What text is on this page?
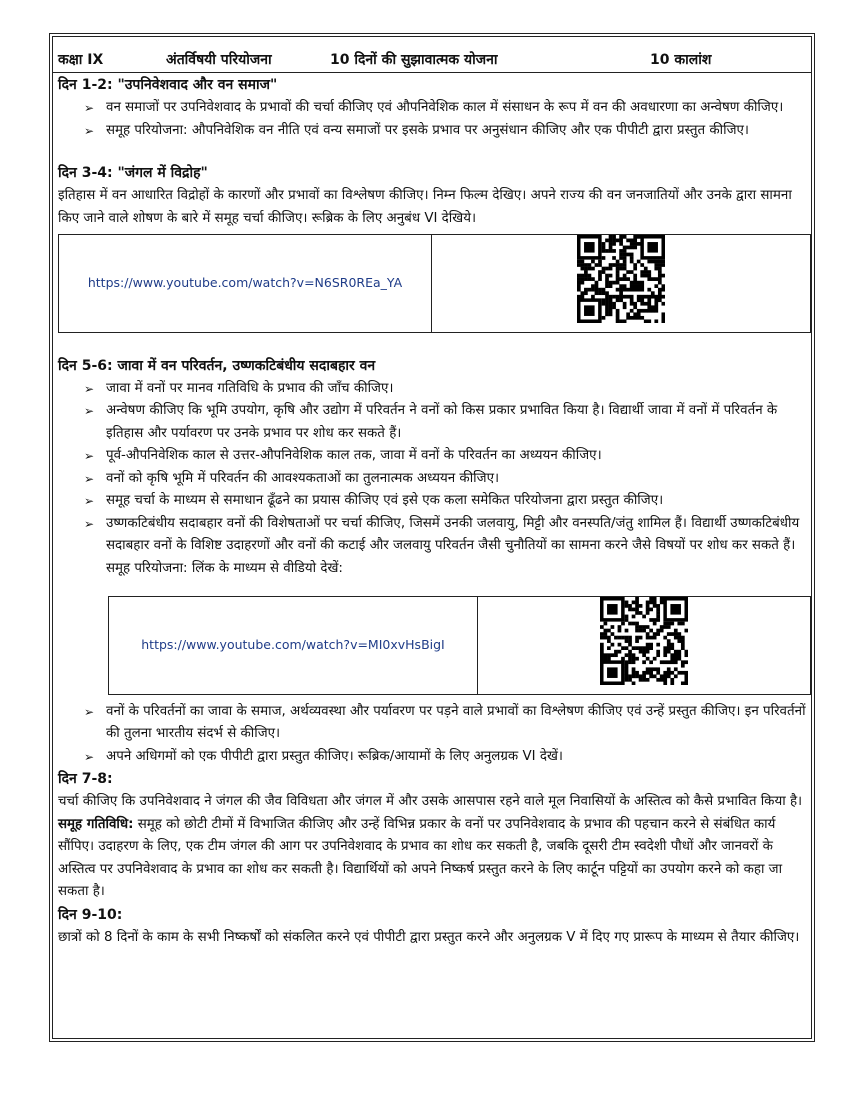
कक्षा IX	अंतर्विषयी परियोजना	10 दिनों की सुझावात्मक योजना	10 कालांश
दिन 1-2: "उपनिवेशवाद और वन समाज"
➢ वन समाजों पर उपनिवेशवाद के प्रभावों की चर्चा कीजिए एवं औपनिवेशिक काल में संसाधन के रूप में वन की अवधारणा का अन्वेषण कीजिए।
➢ समूह परियोजना: औपनिवेशिक वन नीति एवं वन्य समाजों पर इसके प्रभाव पर अनुसंधान कीजिए और एक पीपीटी द्वारा प्रस्तुत कीजिए।
दिन 3-4: "जंगल में विद्रोह"

इतिहास में वन आधारित विद्रोहों के कारणों और प्रभावों का विश्लेषण कीजिए। निम्न फिल्म देखिए। अपने राज्य की वन जनजातियों और उनके द्वारा सामना किए जाने वाले शोषण के बारे में समूह चर्चा कीजिए। रूब्रिक के लिए अनुबंध VI देखिये।

https://www.youtube.com/watch?v=N6SR0REa_YA	
दिन 5-6: जावा में वन परिवर्तन, उष्णकटिबंधीय सदाबहार वन
➢ जावा में वनों पर मानव गतिविधि के प्रभाव की जाँच कीजिए।
➢ अन्वेषण कीजिए कि भूमि उपयोग, कृषि और उद्योग में परिवर्तन ने वनों को किस प्रकार प्रभावित किया है। विद्यार्थी जावा में वनों में परिवर्तन के इतिहास और पर्यावरण पर उनके प्रभाव पर शोध कर सकते हैं।
➢ पूर्व-औपनिवेशिक काल से उत्तर-औपनिवेशिक काल तक, जावा में वनों के परिवर्तन का अध्ययन कीजिए।
➢ वनों को कृषि भूमि में परिवर्तन की आवश्यकताओं का तुलनात्मक अध्ययन कीजिए।
➢ समूह चर्चा के माध्यम से समाधान ढूँढने का प्रयास कीजिए एवं इसे एक कला समेकित परियोजना द्वारा प्रस्तुत कीजिए।
➢ उष्णकटिबंधीय सदाबहार वनों की विशेषताओं पर चर्चा कीजिए, जिसमें उनकी जलवायु, मिट्टी और वनस्पति/जंतु शामिल हैं। विद्यार्थी उष्णकटिबंधीय सदाबहार वनों के विशिष्ट उदाहरणों और वनों की कटाई और जलवायु परिवर्तन जैसी चुनौतियों का सामना करने जैसे विषयों पर शोध कर सकते हैं। समूह परियोजना: लिंक के माध्यम से वीडियो देखें:
https://www.youtube.com/watch?v=MI0xvHsBigI	
➢ वनों के परिवर्तनों का जावा के समाज, अर्थव्यवस्था और पर्यावरण पर पड़ने वाले प्रभावों का विश्लेषण कीजिए एवं उन्हें प्रस्तुत कीजिए। इन परिवर्तनों की तुलना भारतीय संदर्भ से कीजिए।
➢ अपने अधिगमों को एक पीपीटी द्वारा प्रस्तुत कीजिए। रूब्रिक/आयामों के लिए अनुलग्रक VI देखें।
दिन 7-8:

चर्चा कीजिए कि उपनिवेशवाद ने जंगल की जैव विविधता और जंगल में और उसके आसपास रहने वाले मूल निवासियों के अस्तित्व को कैसे प्रभावित किया है।

समूह गतिविधि: समूह को छोटी टीमों में विभाजित कीजिए और उन्हें विभिन्न प्रकार के वनों पर उपनिवेशवाद के प्रभाव की पहचान करने से संबंधित कार्य सौंपिए। उदाहरण के लिए, एक टीम जंगल की आग पर उपनिवेशवाद के प्रभाव का शोध कर सकती है, जबकि दूसरी टीम स्वदेशी पौधों और जानवरों के अस्तित्व पर उपनिवेशवाद के प्रभाव का शोध कर सकती है। विद्यार्थियों को अपने निष्कर्ष प्रस्तुत करने के लिए कार्टून पट्टियों का उपयोग करने को कहा जा सकता है।

दिन 9-10:

छात्रों को 8 दिनों के काम के सभी निष्कर्षों को संकलित करने एवं पीपीटी द्वारा प्रस्तुत करने और अनुलग्रक V में दिए गए प्रारूप के माध्यम से तैयार कीजिए।
